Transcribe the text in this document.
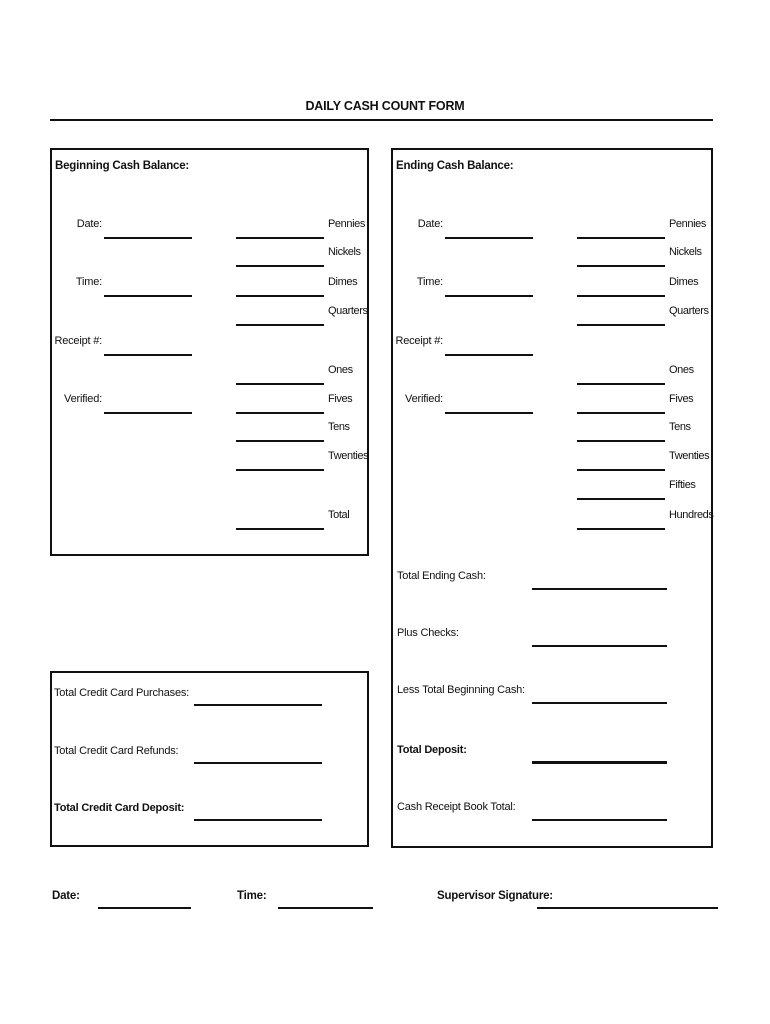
DAILY CASH COUNT FORM
Beginning Cash Balance:
Date:
Time:
Receipt #:
Verified:
Pennies
Nickels
Dimes
Quarters
Ones
Fives
Tens
Twenties
Total
Ending Cash Balance:
Date:
Time:
Receipt #:
Verified:
Pennies
Nickels
Dimes
Quarters
Ones
Fives
Tens
Twenties
Fifties
Hundreds
Total Ending Cash:
Plus Checks:
Less Total Beginning Cash:
Total Deposit:
Cash Receipt Book Total:
Total Credit Card Purchases:
Total Credit Card Refunds:
Total Credit Card Deposit:
Date:	Time:	Supervisor Signature:
